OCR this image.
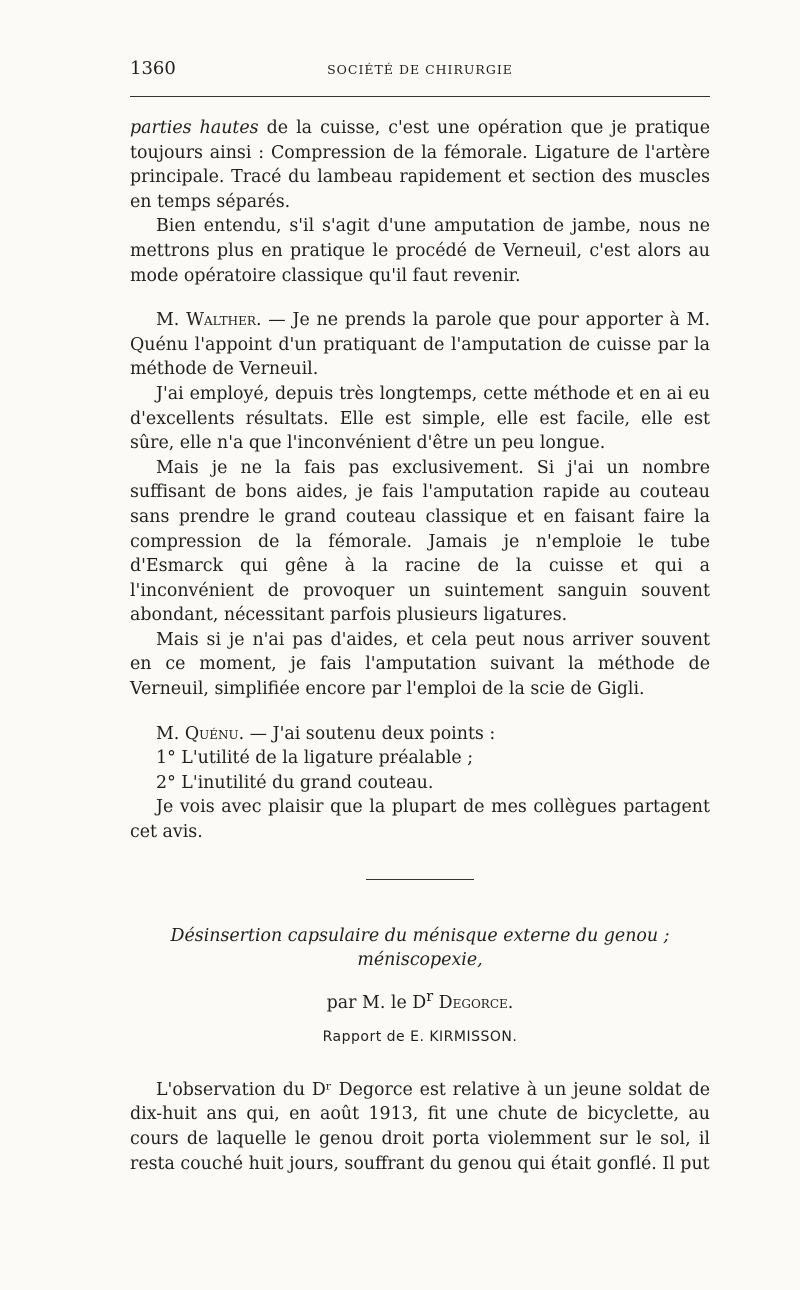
1360	SOCIÉTÉ DE CHIRURGIE

parties hautes de la cuisse, c'est une opération que je pratique toujours ainsi : Compression de la fémorale. Ligature de l'artère principale. Tracé du lambeau rapidement et section des muscles en temps séparés.

Bien entendu, s'il s'agit d'une amputation de jambe, nous ne mettrons plus en pratique le procédé de Verneuil, c'est alors au mode opératoire classique qu'il faut revenir.

M. Walther. — Je ne prends la parole que pour apporter à M. Quénu l'appoint d'un pratiquant de l'amputation de cuisse par la méthode de Verneuil.

J'ai employé, depuis très longtemps, cette méthode et en ai eu d'excellents résultats. Elle est simple, elle est facile, elle est sûre, elle n'a que l'inconvénient d'être un peu longue.

Mais je ne la fais pas exclusivement. Si j'ai un nombre suffisant de bons aides, je fais l'amputation rapide au couteau sans prendre le grand couteau classique et en faisant faire la compression de la fémorale. Jamais je n'emploie le tube d'Esmarck qui gêne à la racine de la cuisse et qui a l'inconvénient de provoquer un suintement sanguin souvent abondant, nécessitant parfois plusieurs ligatures.

Mais si je n'ai pas d'aides, et cela peut nous arriver souvent en ce moment, je fais l'amputation suivant la méthode de Verneuil, simplifiée encore par l'emploi de la scie de Gigli.

M. Quénu. — J'ai soutenu deux points :

1° L'utilité de la ligature préalable ;

2° L'inutilité du grand couteau.

Je vois avec plaisir que la plupart de mes collègues partagent cet avis.

Désinsertion capsulaire du ménisque externe du genou ;
méniscopexie,
par M. le $D^r$ Degorce.
Rapport de E. KIRMISSON.

L'observation du Dʳ Degorce est relative à un jeune soldat de dix-huit ans qui, en août 1913, fit une chute de bicyclette, au cours de laquelle le genou droit porta violemment sur le sol, il resta couché huit jours, souffrant du genou qui était gonflé. Il put
